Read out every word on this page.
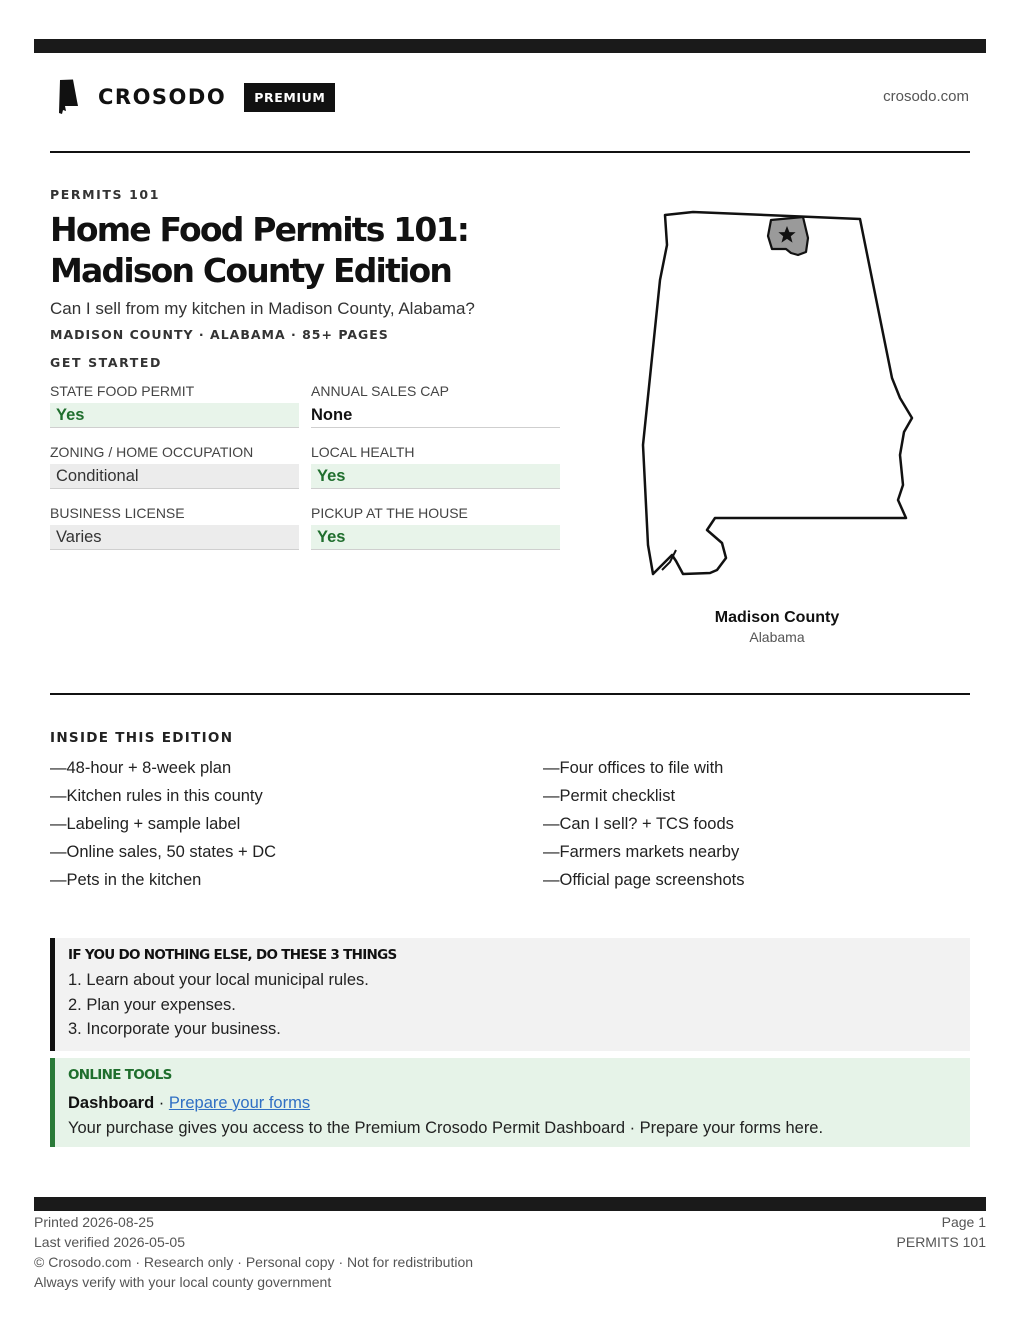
CROSODO	PREMIUM	crosodo.com
PERMITS 101
Home Food Permits 101:
Madison County Edition
Can I sell from my kitchen in Madison County, Alabama?
MADISON COUNTY · ALABAMA · 85+ PAGES
GET STARTED
STATE FOOD PERMIT
Yes
ANNUAL SALES CAP
None
ZONING / HOME OCCUPATION
Conditional
LOCAL HEALTH
Yes
BUSINESS LICENSE
Varies
PICKUP AT THE HOUSE
Yes
Madison County
Alabama
INSIDE THIS EDITION
— 48-hour + 8-week plan
— Kitchen rules in this county
— Labeling + sample label
— Online sales, 50 states + DC
— Pets in the kitchen
— Four offices to file with
— Permit checklist
— Can I sell? + TCS foods
— Farmers markets nearby
— Official page screenshots
IF YOU DO NOTHING ELSE, DO THESE 3 THINGS
1. Learn about your local municipal rules.
2. Plan your expenses.
3. Incorporate your business.
ONLINE TOOLS
Dashboard · Prepare your forms
Your purchase gives you access to the Premium Crosodo Permit Dashboard · Prepare your forms here.
Printed 2026-08-25
Last verified 2026-05-05
© Crosodo.com · Research only · Personal copy · Not for redistribution
Always verify with your local county government
Page 1
PERMITS 101
